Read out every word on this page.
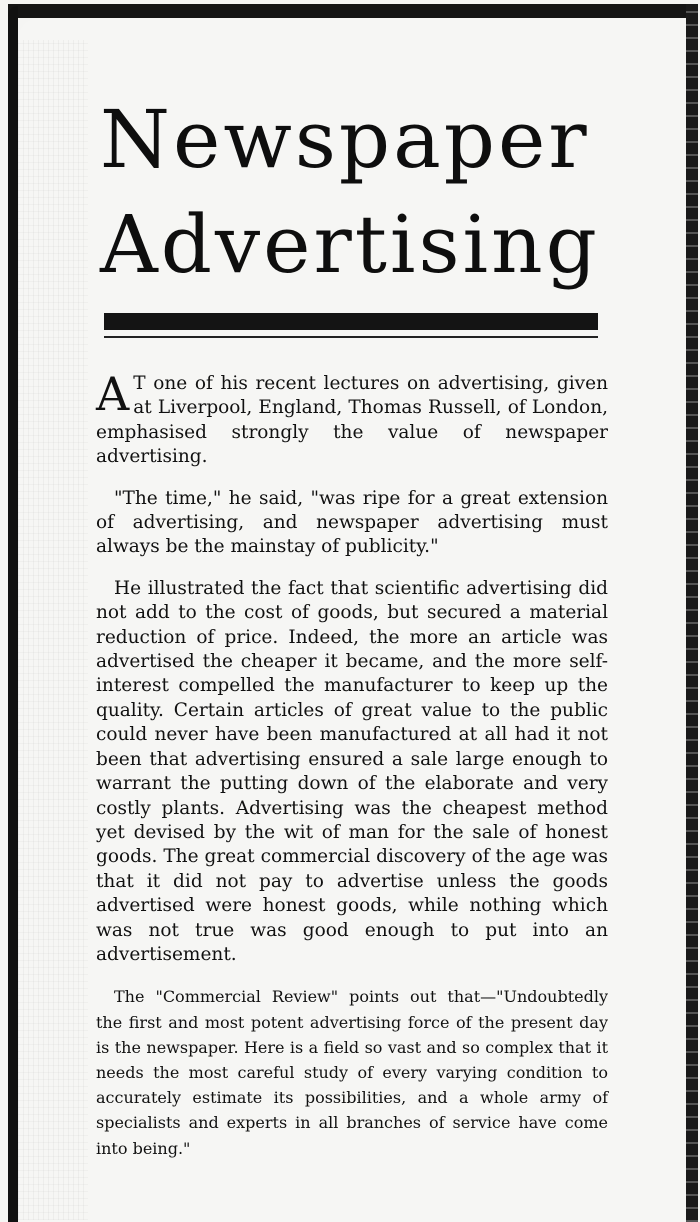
Newspaper
Advertising

A T one of his recent lectures on advertising, given at Liverpool, England, Thomas Russell, of London, emphasised strongly the value of newspaper advertising.

"The time," he said, "was ripe for a great extension of advertising, and newspaper advertising must always be the mainstay of publicity."

He illustrated the fact that scientific advertising did not add to the cost of goods, but secured a material reduction of price. Indeed, the more an article was advertised the cheaper it became, and the more self-interest compelled the manufacturer to keep up the quality. Certain articles of great value to the public could never have been manufactured at all had it not been that advertising ensured a sale large enough to warrant the putting down of the elaborate and very costly plants. Advertising was the cheapest method yet devised by the wit of man for the sale of honest goods. The great commercial discovery of the age was that it did not pay to advertise unless the goods advertised were honest goods, while nothing which was not true was good enough to put into an advertisement.

The "Commercial Review" points out that—"Undoubtedly the first and most potent advertising force of the present day is the newspaper. Here is a field so vast and so complex that it needs the most careful study of every varying condition to accurately estimate its possibilities, and a whole army of specialists and experts in all branches of service have come into being."
